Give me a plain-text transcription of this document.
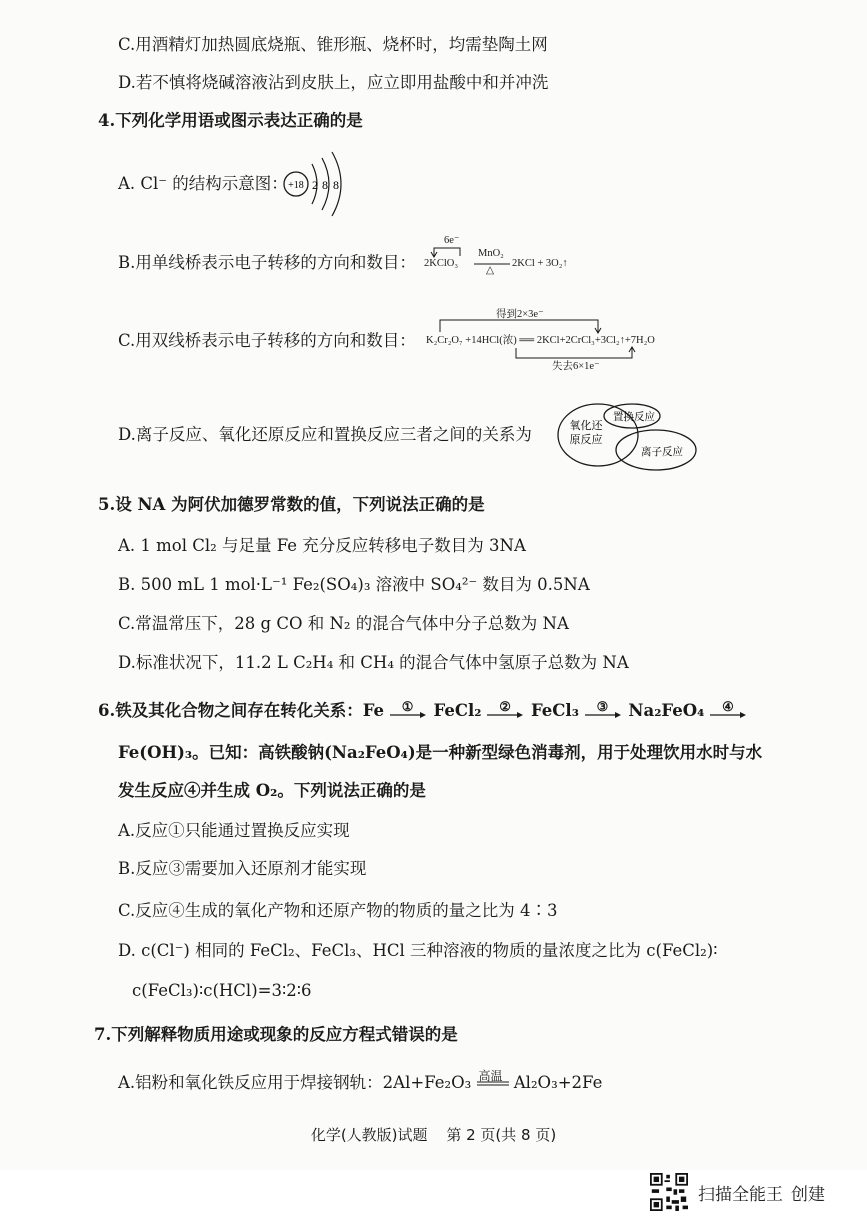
C.用酒精灯加热圆底烧瓶、锥形瓶、烧杯时，均需垫陶土网
D.若不慎将烧碱溶液沾到皮肤上，应立即用盐酸中和并冲洗
4.下列化学用语或图示表达正确的是
A. Cl⁻ 的结构示意图： +18 2 8 8
B.用单线桥表示电子转移的方向和数目：
6e⁻
2KClO₃
MnO₂
△
2KCl + 3O₂↑
C.用双线桥表示电子转移的方向和数目：
得到2×3e⁻
K₂Cr₂O₇ +14HCl(浓) ══ 2KCl+2CrCl₃+3Cl₂↑+7H₂O
失去6×1e⁻
D.离子反应、氧化还原反应和置换反应三者之间的关系为	氧化还
原反应
置换反应
离子反应
5.设 NA 为阿伏加德罗常数的值，下列说法正确的是
A. 1 mol Cl₂ 与足量 Fe 充分反应转移电子数目为 3NA
B. 500 mL 1 mol·L⁻¹ Fe₂(SO₄)₃ 溶液中 SO₄²⁻ 数目为 0.5NA
C.常温常压下，28 g CO 和 N₂ 的混合气体中分子总数为 NA
D.标准状况下，11.2 L C₂H₄ 和 CH₄ 的混合气体中氢原子总数为 NA
6.铁及其化合物之间存在转化关系：Fe ① FeCl₂ ② FeCl₃ ③ Na₂FeO₄ ④
Fe(OH)₃。已知：高铁酸钠(Na₂FeO₄)是一种新型绿色消毒剂，用于处理饮用水时与水
发生反应④并生成 O₂。下列说法正确的是
A.反应①只能通过置换反应实现
B.反应③需要加入还原剂才能实现
C.反应④生成的氧化产物和还原产物的物质的量之比为 4∶3
D. c(Cl⁻) 相同的 FeCl₂、FeCl₃、HCl 三种溶液的物质的量浓度之比为 c(FeCl₂)∶
c(FeCl₃)∶c(HCl)=3∶2∶6
7.下列解释物质用途或现象的反应方程式错误的是
A.铝粉和氧化铁反应用于焊接钢轨：2Al+Fe₂O₃ 高温 Al₂O₃+2Fe
化学(人教版)试题 第 2 页(共 8 页)
扫描全能王 创建
